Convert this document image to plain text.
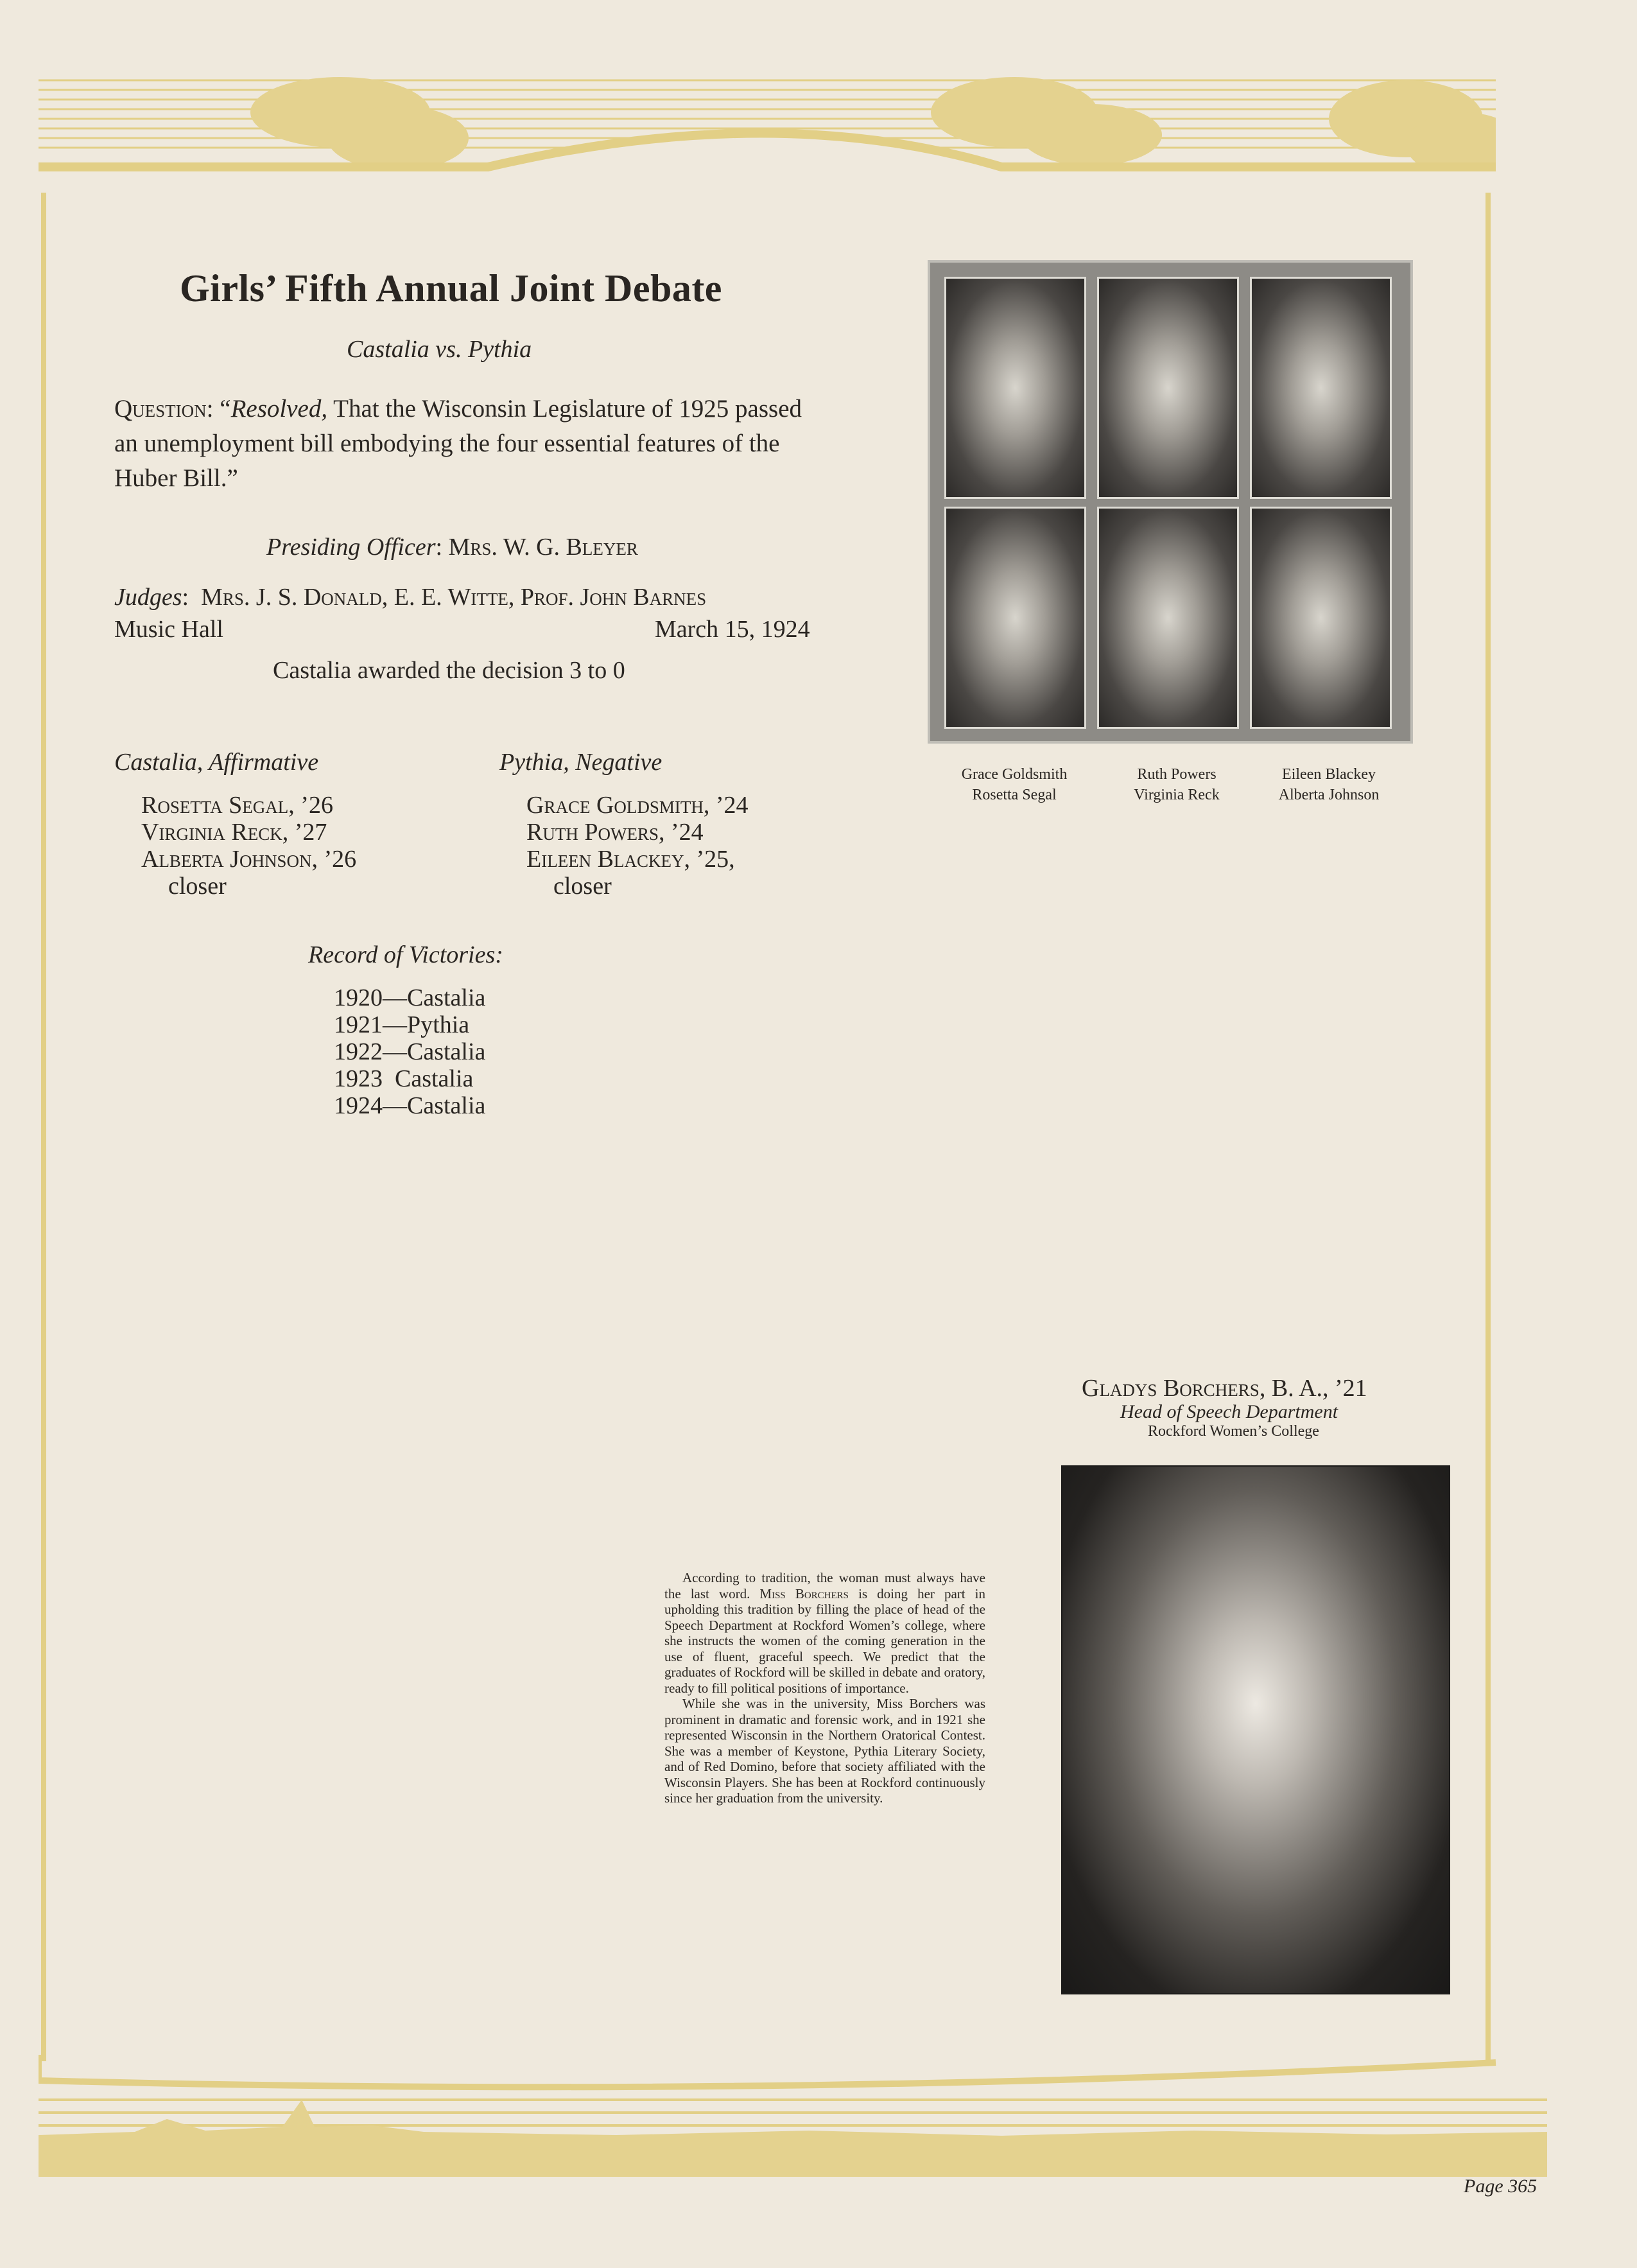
Girls’ Fifth Annual Joint Debate
Castalia vs. Pythia
Question: “Resolved, That the Wisconsin Legislature of 1925 passed an unemployment bill embodying the four essential features of the Huber Bill.”
Presiding Officer: Mrs. W. G. Bleyer
Judges:  Mrs. J. S. Donald, E. E. Witte, Prof. John Barnes
Music Hall	March 15, 1924
Castalia awarded the decision 3 to 0
Castalia, Affirmative
Rosetta Segal, ’26
Virginia Reck, ’27
Alberta Johnson, ’26
closer
Pythia, Negative
Grace Goldsmith, ’24
Ruth Powers, ’24
Eileen Blackey, ’25,
closer
Record of Victories:
1920—Castalia
1921—Pythia
1922—Castalia
1923  Castalia
1924—Castalia
Grace Goldsmith
Rosetta Segal
Ruth Powers
Virginia Reck
Eileen Blackey
Alberta Johnson
Gladys Borchers, B. A., ’21
Head of Speech Department
Rockford Women’s College

According to tradition, the woman must always have the last word. Miss Borchers is doing her part in upholding this tradition by filling the place of head of the Speech Department at Rockford Women’s college, where she instructs the women of the coming generation in the use of fluent, graceful speech. We predict that the graduates of Rockford will be skilled in debate and oratory, ready to fill political positions of importance.

While she was in the university, Miss Borchers was prominent in dramatic and forensic work, and in 1921 she represented Wisconsin in the Northern Oratorical Contest. She was a member of Keystone, Pythia Literary Society, and of Red Domino, before that society affiliated with the Wisconsin Players. She has been at Rockford continuously since her graduation from the university.

Page 365
